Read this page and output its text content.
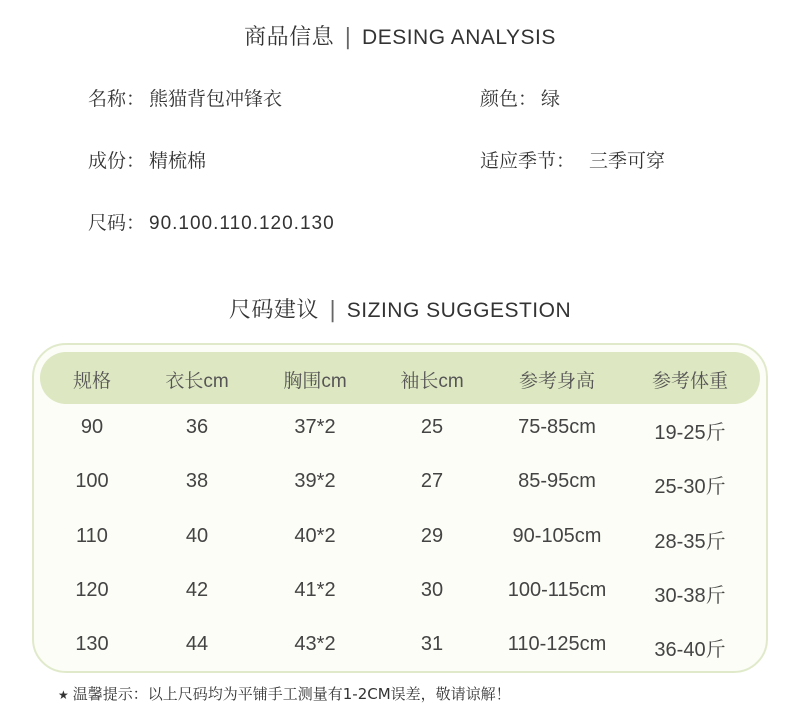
商品信息 | DESING ANALYSIS
名称： 熊猫背包冲锋衣	颜色： 绿
成份： 精梳棉	适应季节： 三季可穿
尺码： 90.100.110.120.130
尺码建议 | SIZING SUGGESTION
规格	衣长cm	胸围cm	袖长cm	参考身高	参考体重
90	36	37*2	25	75-85cm	19-25斤
100	38	39*2	27	85-95cm	25-30斤
110	40	40*2	29	90-105cm	28-35斤
120	42	41*2	30	100-115cm	30-38斤
130	44	43*2	31	110-125cm	36-40斤
★ 温馨提示：以上尺码均为平铺手工测量有1-2CM误差，敬请谅解！
